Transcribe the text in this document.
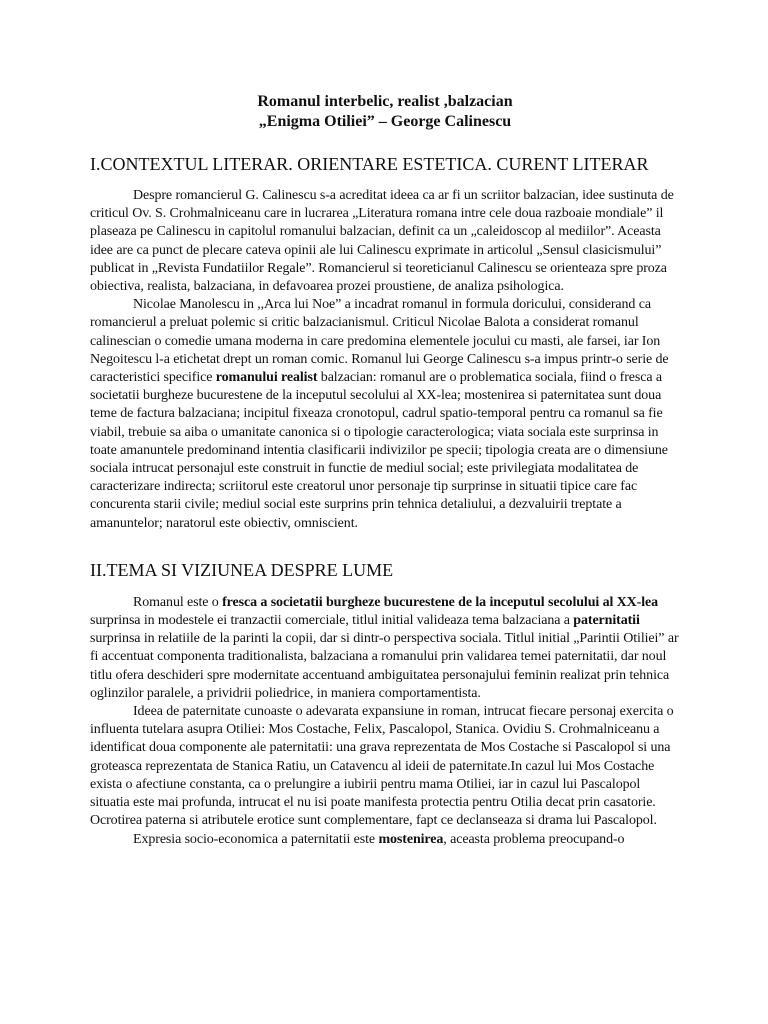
Romanul interbelic, realist ,balzacian
„Enigma Otiliei” – George Calinescu
I.CONTEXTUL LITERAR. ORIENTARE ESTETICA. CURENT LITERAR

Despre romancierul G. Calinescu s-a acreditat ideea ca ar fi un scriitor balzacian, idee sustinuta de criticul Ov. S. Crohmalniceanu care in lucrarea „Literatura romana intre cele doua razboaie mondiale” il plaseaza pe Calinescu in capitolul romanului balzacian, definit ca un „caleidoscop al mediilor”. Aceasta idee are ca punct de plecare cateva opinii ale lui Calinescu exprimate in articolul „Sensul clasicismului” publicat in „Revista Fundatiilor Regale”. Romancierul si teoreticianul Calinescu se orienteaza spre proza obiectiva, realista, balzaciana, in defavoarea prozei proustiene, de analiza psihologica.

Nicolae Manolescu in ,,Arca lui Noe” a incadrat romanul in formula doricului, considerand ca romancierul a preluat polemic si critic balzacianismul. Criticul Nicolae Balota a considerat romanul calinescian o comedie umana moderna in care predomina elementele jocului cu masti, ale farsei, iar Ion Negoitescu l-a etichetat drept un roman comic. Romanul lui George Calinescu s-a impus printr-o serie de caracteristici specifice romanului realist balzacian: romanul are o problematica sociala, fiind o fresca a societatii burgheze bucurestene de la inceputul secolului al XX-lea; mostenirea si paternitatea sunt doua teme de factura balzaciana; incipitul fixeaza cronotopul, cadrul spatio-temporal pentru ca romanul sa fie viabil, trebuie sa aiba o umanitate canonica si o tipologie caracterologica; viata sociala este surprinsa in toate amanuntele predominand intentia clasificarii indivizilor pe specii; tipologia creata are o dimensiune sociala intrucat personajul este construit in functie de mediul social; este privilegiata modalitatea de caracterizare indirecta; scriitorul este creatorul unor personaje tip surprinse in situatii tipice care fac concurenta starii civile; mediul social este surprins prin tehnica detaliului, a dezvaluirii treptate a amanuntelor; naratorul este obiectiv, omniscient.

II.TEMA SI VIZIUNEA DESPRE LUME

Romanul este o fresca a societatii burgheze bucurestene de la inceputul secolului al XX-lea surprinsa in modestele ei tranzactii comerciale, titlul initial valideaza tema balzaciana a paternitatii surprinsa in relatiile de la parinti la copii, dar si dintr-o perspectiva sociala. Titlul initial „Parintii Otiliei” ar fi accentuat componenta traditionalista, balzaciana a romanului prin validarea temei paternitatii, dar noul titlu ofera deschideri spre modernitate accentuand ambiguitatea personajului feminin realizat prin tehnica oglinzilor paralele, a prividrii poliedrice, in maniera comportamentista.

Ideea de paternitate cunoaste o adevarata expansiune in roman, intrucat fiecare personaj exercita o influenta tutelara asupra Otiliei: Mos Costache, Felix, Pascalopol, Stanica. Ovidiu S. Crohmalniceanu a identificat doua componente ale paternitatii: una grava reprezentata de Mos Costache si Pascalopol si una groteasca reprezentata de Stanica Ratiu, un Catavencu al ideii de paternitate.In cazul lui Mos Costache exista o afectiune constanta, ca o prelungire a iubirii pentru mama Otiliei, iar in cazul lui Pascalopol situatia este mai profunda, intrucat el nu isi poate manifesta protectia pentru Otilia decat prin casatorie. Ocrotirea paterna si atributele erotice sunt complementare, fapt ce declanseaza si drama lui Pascalopol.

Expresia socio-economica a paternitatii este mostenirea, aceasta problema preocupand-o
